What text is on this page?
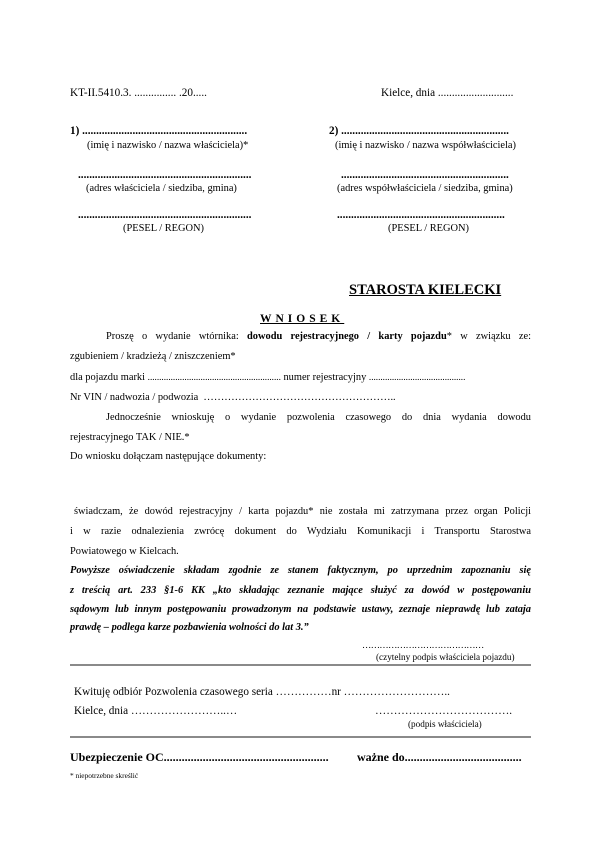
KT-II.5410.3. ............... .20.....	Kielce, dnia ...........................
1) ...........................................................
(imię i nazwisko / nazwa właściciela)*
..............................................................
(adres właściciela / siedziba, gmina)
..............................................................
(PESEL / REGON)
2) ............................................................
(imię i nazwisko / nazwa współwłaściciela)
............................................................
(adres współwłaściciela / siedziba, gmina)
............................................................
(PESEL / REGON)
STAROSTA KIELECKI
WNIOSEK
Proszę o wydanie wtórnika: dowodu rejestracyjnego / karty pojazdu* w związku ze:
zgubieniem / kradzieżą / zniszczeniem*
dla pojazdu marki .......................................................... numer rejestracyjny ..........................................
Nr VIN / nadwozia / podwozia ………………………………………………..
Jednocześnie wnioskuję o wydanie pozwolenia czasowego do dnia wydania dowodu
rejestracyjnego TAK / NIE.*
Do wniosku dołączam następujące dokumenty:
świadczam, że dowód rejestracyjny / karta pojazdu* nie została mi zatrzymana przez organ Policji
i w razie odnalezienia zwrócę dokument do Wydziału Komunikacji i Transportu Starostwa
Powiatowego w Kielcach.
Powyższe oświadczenie składam zgodnie ze stanem faktycznym, po uprzednim zapoznaniu się
z treścią art. 233 §1-6 KK „kto składając zeznanie mające służyć za dowód w postępowaniu
sądowym lub innym postępowaniu prowadzonym na podstawie ustawy, zeznaje nieprawdę lub zataja
prawdę – podlega karze pozbawienia wolności do lat 3.”
……………………………………
(czytelny podpis właściciela pojazdu)
Kwituję odbiór Pozwolenia czasowego seria ……………nr ………………………..
Kielce, dnia ……………………..…	……………………………….
(podpis właściciela)
Ubezpieczenie OC....................................................... ważne do.......................................
* niepotrzebne skreślić
